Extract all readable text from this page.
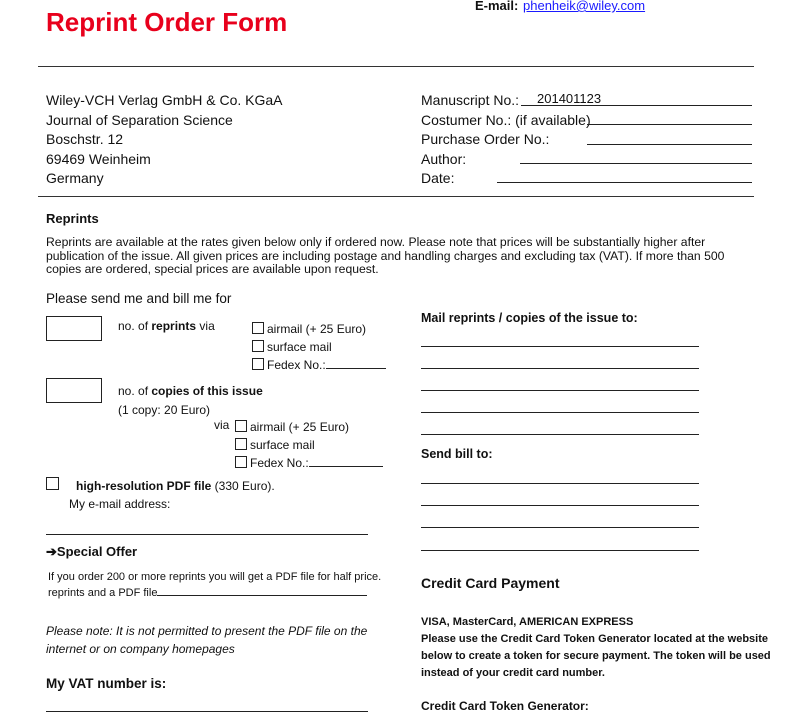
Reprint Order Form
E-mail: phenheik@wiley.com
Wiley-VCH Verlag GmbH & Co. KGaA
Journal of Separation Science
Boschstr. 12
69469 Weinheim
Germany
Manuscript No.:
Costumer No.: (if available)
Purchase Order No.:
Author:
Date:
201401123
Reprints
Reprints are available at the rates given below only if ordered now. Please note that prices will be substantially higher after publication of the issue. All given prices are including postage and handling charges and excluding tax (VAT). If more than 500 copies are ordered, special prices are available upon request.
Please send me and bill me for
no. of reprints via	airmail (+ 25 Euro)
surface mail
Fedex No.:
no. of copies of this issue
(1 copy: 20 Euro)
via	airmail (+ 25 Euro)
surface mail
Fedex No.:
high-resolution PDF file (330 Euro).
My e-mail address:
➔Special Offer
If you order 200 or more reprints you will get a PDF file for half price.
reprints and a PDF file
Please note: It is not permitted to present the PDF file on the
internet or on company homepages
My VAT number is:
Mail reprints / copies of the issue to:
Send bill to:
Credit Card Payment
VISA, MasterCard, AMERICAN EXPRESS
Please use the Credit Card Token Generator located at the website
below to create a token for secure payment. The token will be used
instead of your credit card number.
Credit Card Token Generator:
